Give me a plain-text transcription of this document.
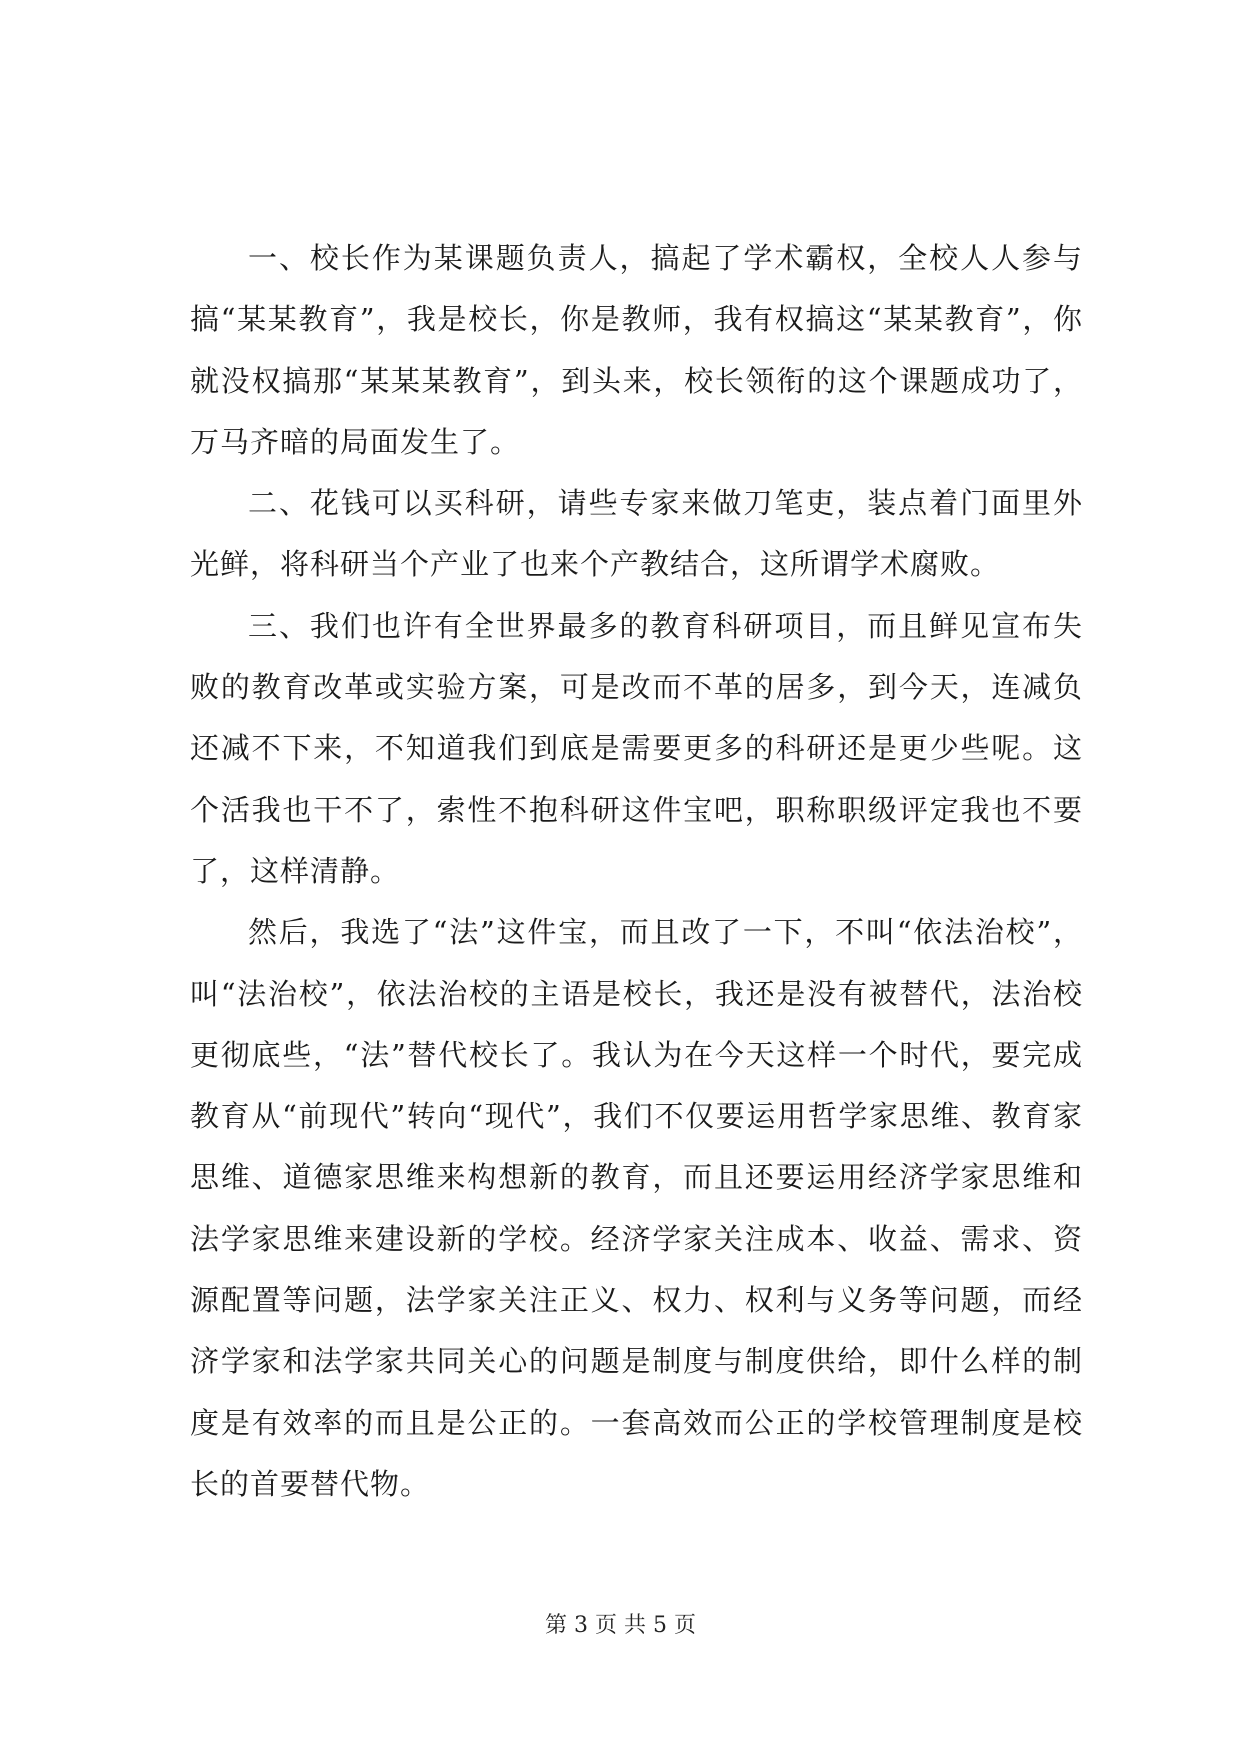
一、校长作为某课题负责人，搞起了学术霸权，全校人人参与搞“某某教育”，我是校长，你是教师，我有权搞这“某某教育”，你就没权搞那“某某某教育”，到头来，校长领衔的这个课题成功了，万马齐暗的局面发生了。

二、花钱可以买科研，请些专家来做刀笔吏，装点着门面里外光鲜，将科研当个产业了也来个产教结合，这所谓学术腐败。

三、我们也许有全世界最多的教育科研项目，而且鲜见宣布失败的教育改革或实验方案，可是改而不革的居多，到今天，连减负还减不下来，不知道我们到底是需要更多的科研还是更少些呢。这个活我也干不了，索性不抱科研这件宝吧，职称职级评定我也不要了，这样清静。

然后，我选了“法”这件宝，而且改了一下，不叫“依法治校”，叫“法治校”，依法治校的主语是校长，我还是没有被替代，法治校更彻底些，“法”替代校长了。我认为在今天这样一个时代，要完成教育从“前现代”转向“现代”，我们不仅要运用哲学家思维、教育家思维、道德家思维来构想新的教育，而且还要运用经济学家思维和法学家思维来建设新的学校。经济学家关注成本、收益、需求、资源配置等问题，法学家关注正义、权力、权利与义务等问题，而经济学家和法学家共同关心的问题是制度与制度供给，即什么样的制度是有效率的而且是公正的。一套高效而公正的学校管理制度是校长的首要替代物。

第 3 页 共 5 页
